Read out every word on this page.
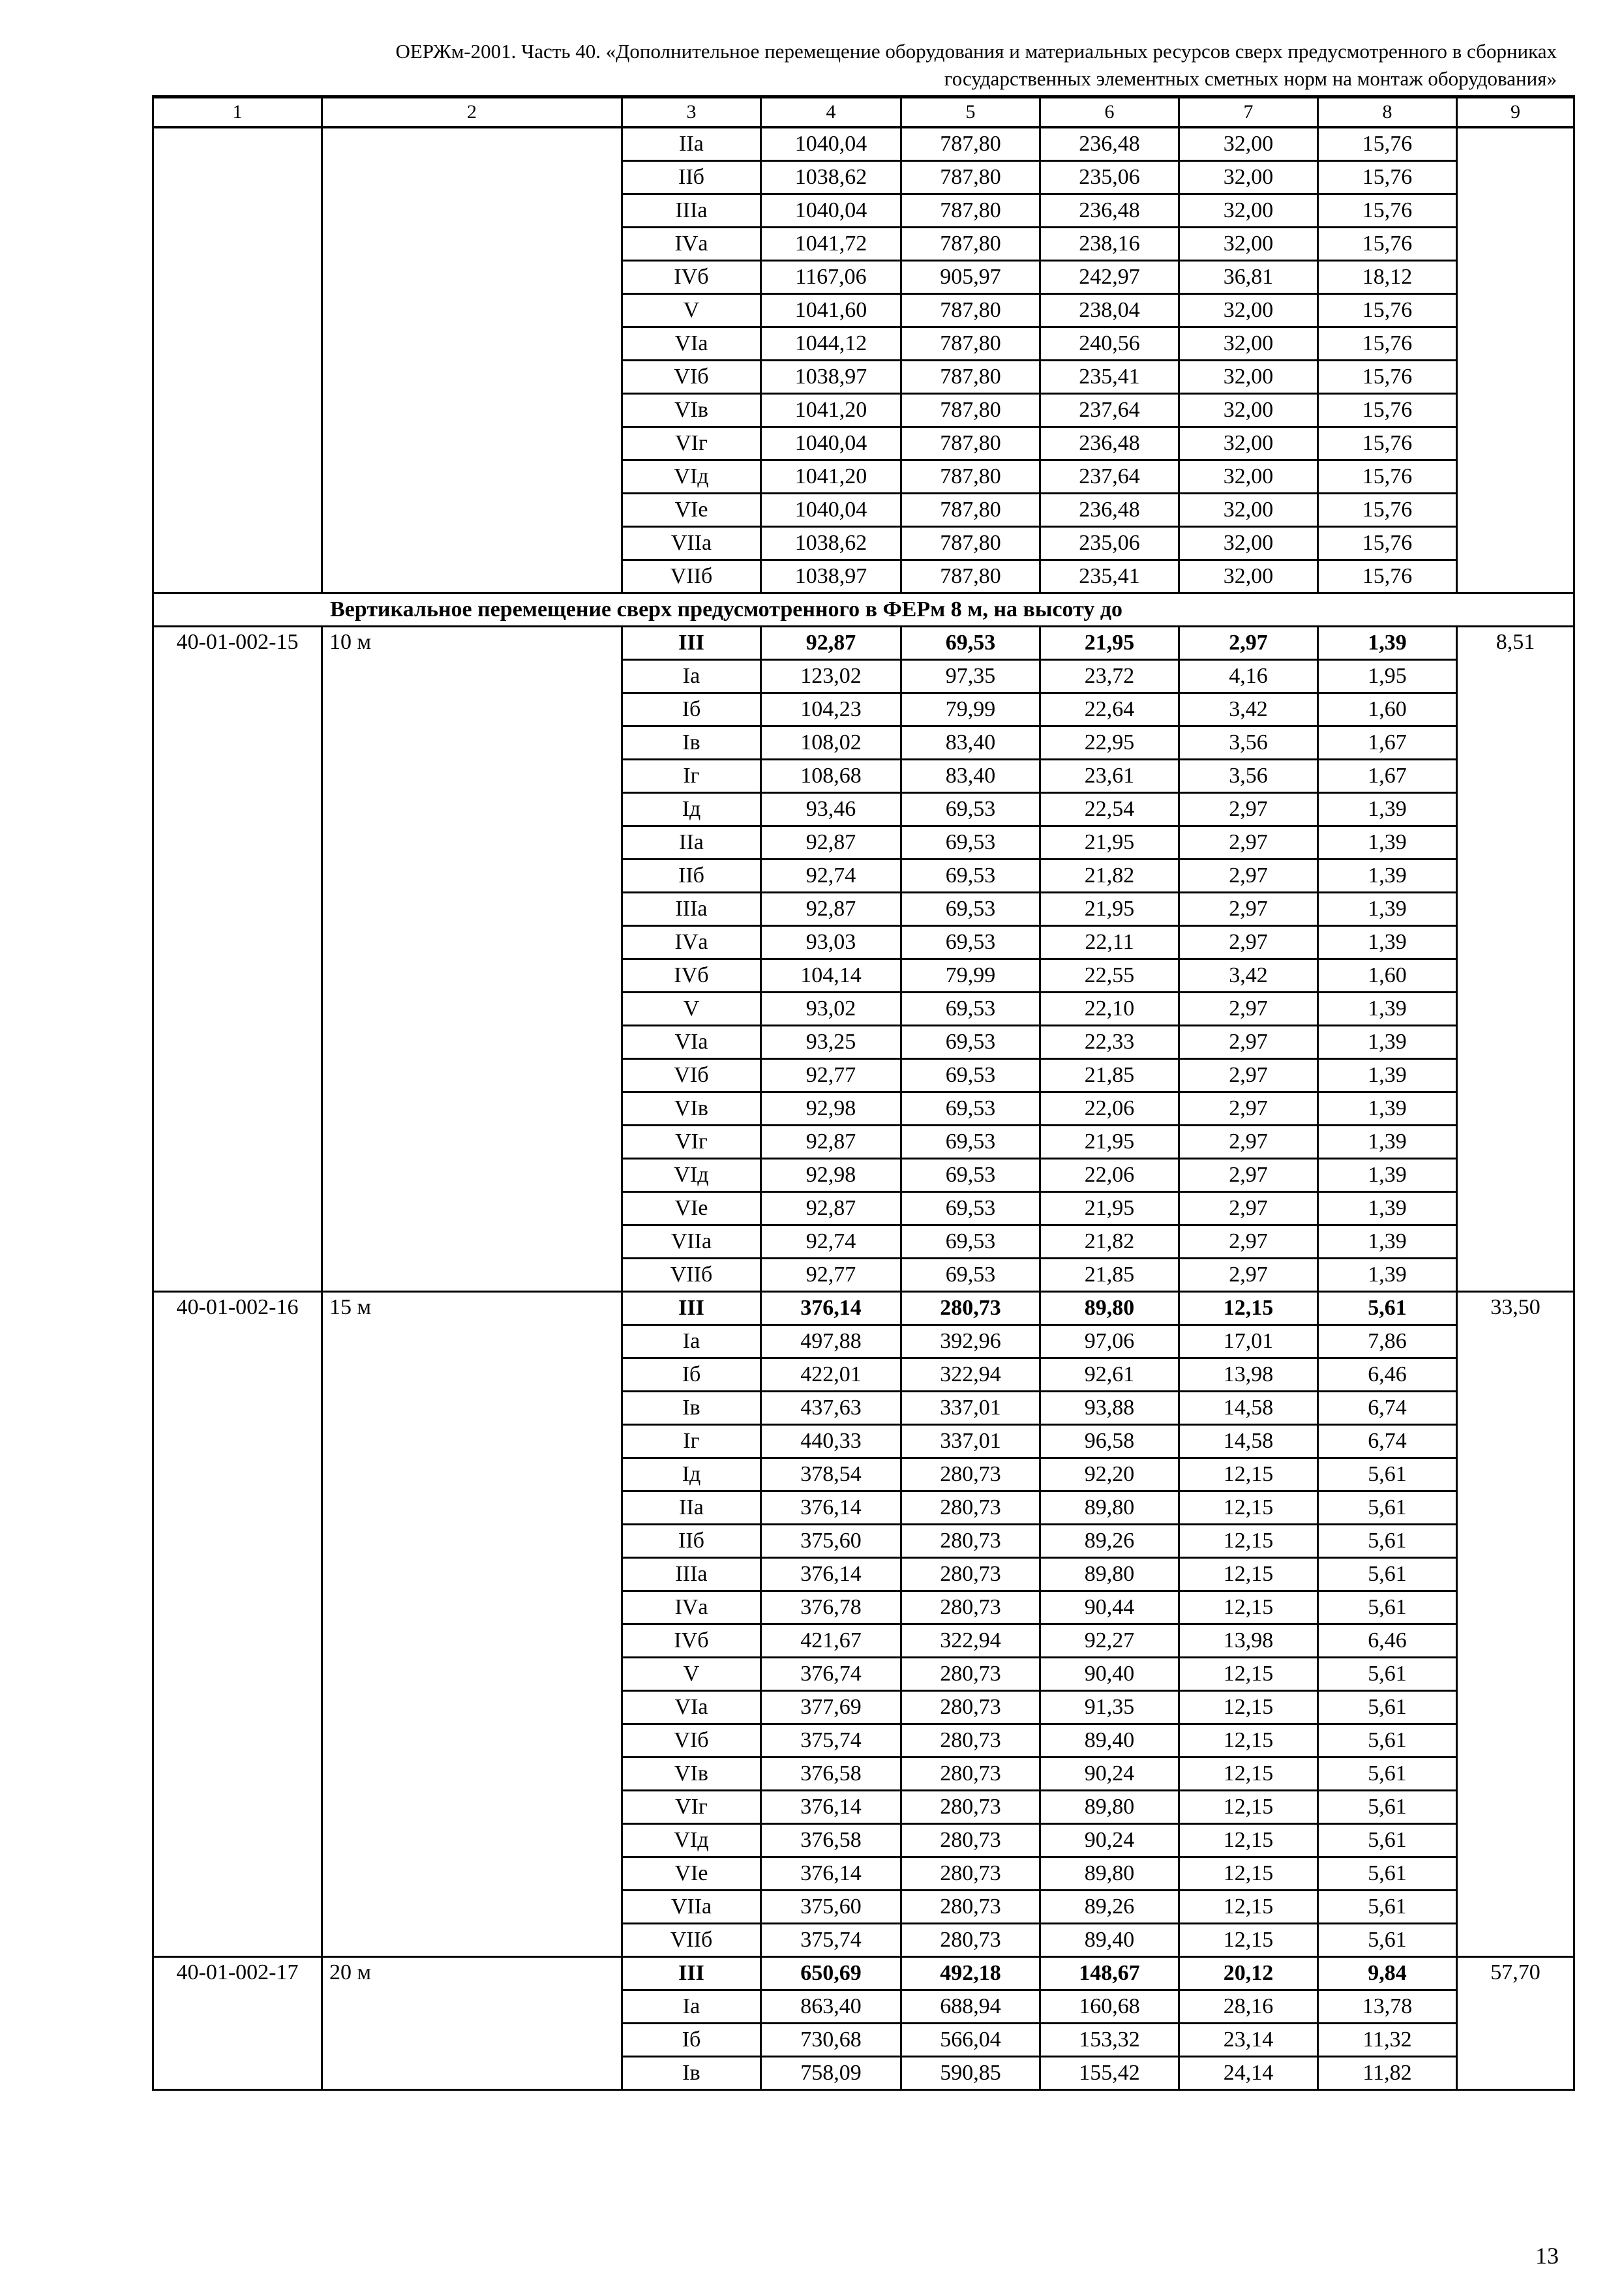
ОЕРЖм-2001. Часть 40. «Дополнительное перемещение оборудования и материальных ресурсов сверх предусмотренного в сборниках
государственных элементных сметных норм на монтаж оборудования»
1	2	3	4	5	6	7	8	9
		IIа	1040,04	787,80	236,48	32,00	15,76	
		IIб	1038,62	787,80	235,06	32,00	15,76	
		IIIа	1040,04	787,80	236,48	32,00	15,76	
		IVа	1041,72	787,80	238,16	32,00	15,76	
		IVб	1167,06	905,97	242,97	36,81	18,12	
		V	1041,60	787,80	238,04	32,00	15,76	
		VIа	1044,12	787,80	240,56	32,00	15,76	
		VIб	1038,97	787,80	235,41	32,00	15,76	
		VIв	1041,20	787,80	237,64	32,00	15,76	
		VIг	1040,04	787,80	236,48	32,00	15,76	
		VIд	1041,20	787,80	237,64	32,00	15,76	
		VIе	1040,04	787,80	236,48	32,00	15,76	
		VIIа	1038,62	787,80	235,06	32,00	15,76	
		VIIб	1038,97	787,80	235,41	32,00	15,76	
Вертикальное перемещение сверх предусмотренного в ФЕРм 8 м, на высоту до								
40-01-002-15	10 м	III	92,87	69,53	21,95	2,97	1,39	8,51
		Iа	123,02	97,35	23,72	4,16	1,95	
		Iб	104,23	79,99	22,64	3,42	1,60	
		Iв	108,02	83,40	22,95	3,56	1,67	
		Iг	108,68	83,40	23,61	3,56	1,67	
		Iд	93,46	69,53	22,54	2,97	1,39	
		IIа	92,87	69,53	21,95	2,97	1,39	
		IIб	92,74	69,53	21,82	2,97	1,39	
		IIIа	92,87	69,53	21,95	2,97	1,39	
		IVа	93,03	69,53	22,11	2,97	1,39	
		IVб	104,14	79,99	22,55	3,42	1,60	
		V	93,02	69,53	22,10	2,97	1,39	
		VIа	93,25	69,53	22,33	2,97	1,39	
		VIб	92,77	69,53	21,85	2,97	1,39	
		VIв	92,98	69,53	22,06	2,97	1,39	
		VIг	92,87	69,53	21,95	2,97	1,39	
		VIд	92,98	69,53	22,06	2,97	1,39	
		VIе	92,87	69,53	21,95	2,97	1,39	
		VIIа	92,74	69,53	21,82	2,97	1,39	
		VIIб	92,77	69,53	21,85	2,97	1,39	
40-01-002-16	15 м	III	376,14	280,73	89,80	12,15	5,61	33,50
		Iа	497,88	392,96	97,06	17,01	7,86	
		Iб	422,01	322,94	92,61	13,98	6,46	
		Iв	437,63	337,01	93,88	14,58	6,74	
		Iг	440,33	337,01	96,58	14,58	6,74	
		Iд	378,54	280,73	92,20	12,15	5,61	
		IIа	376,14	280,73	89,80	12,15	5,61	
		IIб	375,60	280,73	89,26	12,15	5,61	
		IIIа	376,14	280,73	89,80	12,15	5,61	
		IVа	376,78	280,73	90,44	12,15	5,61	
		IVб	421,67	322,94	92,27	13,98	6,46	
		V	376,74	280,73	90,40	12,15	5,61	
		VIа	377,69	280,73	91,35	12,15	5,61	
		VIб	375,74	280,73	89,40	12,15	5,61	
		VIв	376,58	280,73	90,24	12,15	5,61	
		VIг	376,14	280,73	89,80	12,15	5,61	
		VIд	376,58	280,73	90,24	12,15	5,61	
		VIе	376,14	280,73	89,80	12,15	5,61	
		VIIа	375,60	280,73	89,26	12,15	5,61	
		VIIб	375,74	280,73	89,40	12,15	5,61	
40-01-002-17	20 м	III	650,69	492,18	148,67	20,12	9,84	57,70
		Iа	863,40	688,94	160,68	28,16	13,78	
		Iб	730,68	566,04	153,32	23,14	11,32	
		Iв	758,09	590,85	155,42	24,14	11,82	
13
